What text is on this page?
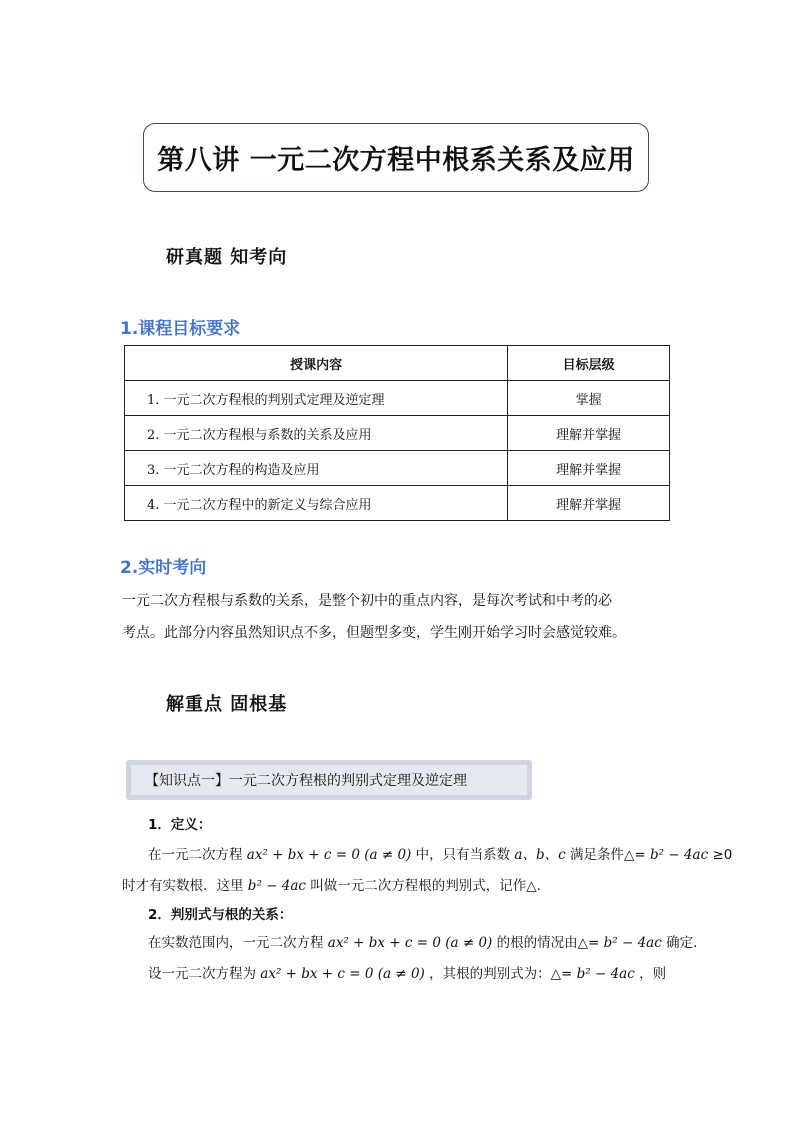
第八讲 一元二次方程中根系关系及应用
研真题 知考向
1.课程目标要求
授课内容	目标层级
1. 一元二次方程根的判别式定理及逆定理	掌握
2. 一元二次方程根与系数的关系及应用	理解并掌握
3. 一元二次方程的构造及应用	理解并掌握
4. 一元二次方程中的新定义与综合应用	理解并掌握
2.实时考向
一元二次方程根与系数的关系，是整个初中的重点内容，是每次考试和中考的必
考点。此部分内容虽然知识点不多，但题型多变，学生刚开始学习时会感觉较难。
解重点 固根基
【知识点一】一元二次方程根的判别式定理及逆定理
1．定义：
在一元二次方程 ax² + bx + c = 0 (a ≠ 0) 中，只有当系数 a、b、c 满足条件△= b² − 4ac ≥0
时才有实数根．这里 b² − 4ac 叫做一元二次方程根的判别式，记作△.
2．判别式与根的关系：
在实数范围内，一元二次方程 ax² + bx + c = 0 (a ≠ 0) 的根的情况由△= b² − 4ac 确定.
设一元二次方程为 ax² + bx + c = 0 (a ≠ 0) ，其根的判别式为：△= b² − 4ac ，则
